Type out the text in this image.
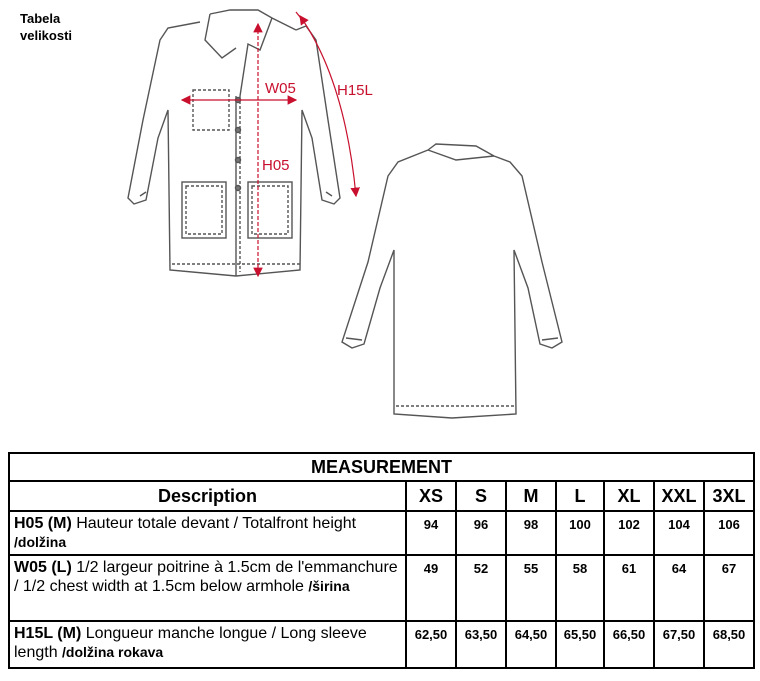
Tabela
velikosti
W05
H05
H15L
MEASUREMENT							
Description	XS	S	M	L	XL	XXL	3XL
H05 (M) Hauteur totale devant / Totalfront height /dolžina	94	96	98	100	102	104	106
W05 (L) 1/2 largeur poitrine à 1.5cm de l'emmanchure / 1/2 chest width at 1.5cm below armhole /širina	49	52	55	58	61	64	67
H15L (M) Longueur manche longue / Long sleeve length /dolžina rokava	62,50	63,50	64,50	65,50	66,50	67,50	68,50
